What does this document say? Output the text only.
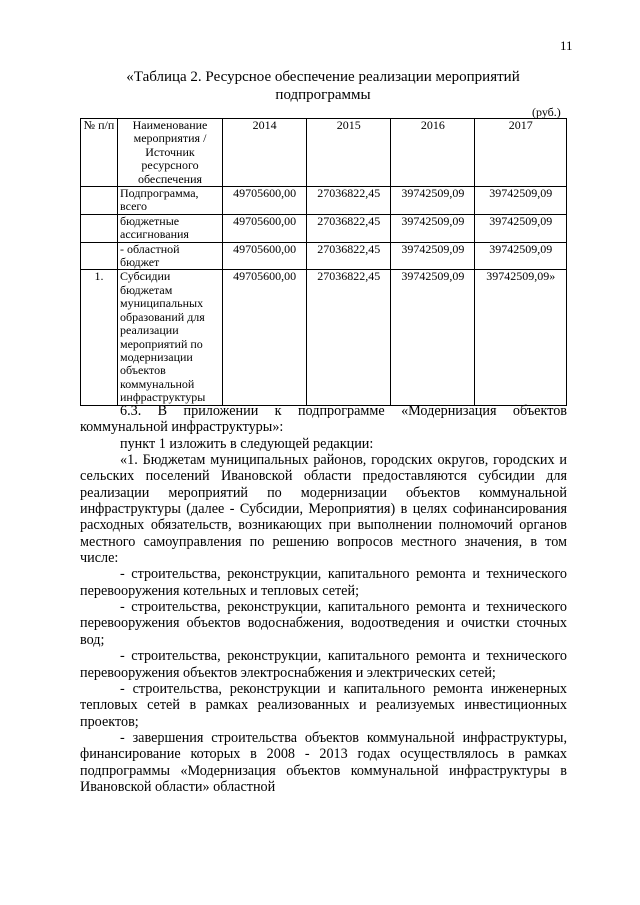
11
«Таблица 2. Ресурсное обеспечение реализации мероприятий подпрограммы
(руб.)
№ п/п	Наименование мероприятия / Источник ресурсного обеспечения	2014	2015	2016	2017
	Подпрограмма, всего	49705600,00	27036822,45	39742509,09	39742509,09
	бюджетные ассигнования	49705600,00	27036822,45	39742509,09	39742509,09
	- областной бюджет	49705600,00	27036822,45	39742509,09	39742509,09
1.	Субсидии бюджетам муниципальных образований для реализации мероприятий по модернизации объектов коммунальной инфраструктуры	49705600,00	27036822,45	39742509,09	39742509,09»

6.3. В приложении к подпрограмме «Модернизация объектов коммунальной инфраструктуры»:

пункт 1 изложить в следующей редакции:

«1. Бюджетам муниципальных районов, городских округов, городских и сельских поселений Ивановской области предоставляются субсидии для реализации мероприятий по модернизации объектов коммунальной инфраструктуры (далее - Субсидии, Мероприятия) в целях софинансирования расходных обязательств, возникающих при выполнении полномочий органов местного самоуправления по решению вопросов местного значения, в том числе:

- строительства, реконструкции, капитального ремонта и технического перевооружения котельных и тепловых сетей;

- строительства, реконструкции, капитального ремонта и технического перевооружения объектов водоснабжения, водоотведения и очистки сточных вод;

- строительства, реконструкции, капитального ремонта и технического перевооружения объектов электроснабжения и электрических сетей;

- строительства, реконструкции и капитального ремонта инженерных тепловых сетей в рамках реализованных и реализуемых инвестиционных проектов;

- завершения строительства объектов коммунальной инфраструктуры, финансирование которых в 2008 - 2013 годах осуществлялось в рамках подпрограммы «Модернизация объектов коммунальной инфраструктуры в Ивановской области» областной
